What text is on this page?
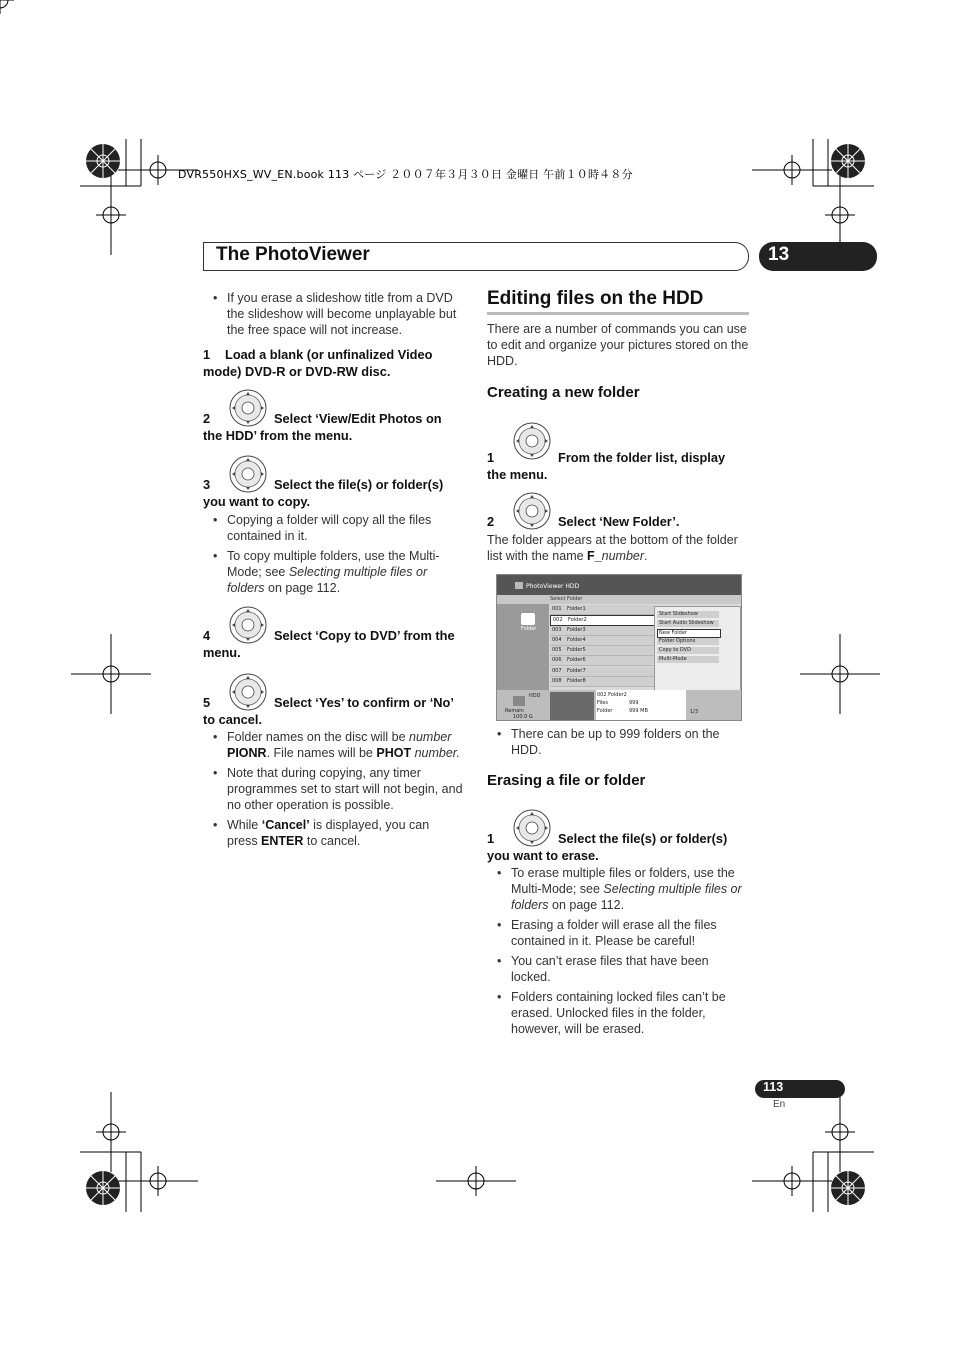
DVR550HXS_WV_EN.book 113 ページ ２００７年３月３０日 金曜日 午前１０時４８分
The PhotoViewer	13
• If you erase a slideshow title from a DVD the slideshow will become unplayable but the free space will not increase.
1 Load a blank (or unfinalized Video mode) DVD-R or DVD-RW disc.
2	Select ‘View/Edit Photos on
the HDD’ from the menu.
3	Select the file(s) or folder(s)
you want to copy.
• Copying a folder will copy all the files contained in it.
• To copy multiple folders, use the Multi-Mode; see Selecting multiple files or folders on page 112.
4	Select ‘Copy to DVD’ from the
menu.
5	Select ‘Yes’ to confirm or ‘No’
to cancel.
• Folder names on the disc will be number PIONR. File names will be PHOT number.
• Note that during copying, any timer programmes set to start will not begin, and no other operation is possible.
• While ‘Cancel’ is displayed, you can press ENTER to cancel.
Editing files on the HDD
There are a number of commands you can use to edit and organize your pictures stored on the HDD.
Creating a new folder
1	From the folder list, display
the menu.
2	Select ‘New Folder’.
The folder appears at the bottom of the folder list with the name F_number.
PhotoViewer HDD
Select Folder
Folder
001 Folder1
002 Folder2
003 Folder3
004 Folder4
005 Folder5
006 Folder6
007 Folder7
008 Folder8
Start Slideshow
Start Audio Slideshow
New Folder
Folder Options
Copy to DVD
Multi-Mode
HDD
Remain
100.0 G
002 Folder2
Files	999
Folder	999 MB	1/3
• There can be up to 999 folders on the HDD.
Erasing a file or folder
1	Select the file(s) or folder(s)
you want to erase.
• To erase multiple files or folders, use the Multi-Mode; see Selecting multiple files or folders on page 112.
• Erasing a folder will erase all the files contained in it. Please be careful!
• You can’t erase files that have been locked.
• Folders containing locked files can’t be erased. Unlocked files in the folder, however, will be erased.
113
En
